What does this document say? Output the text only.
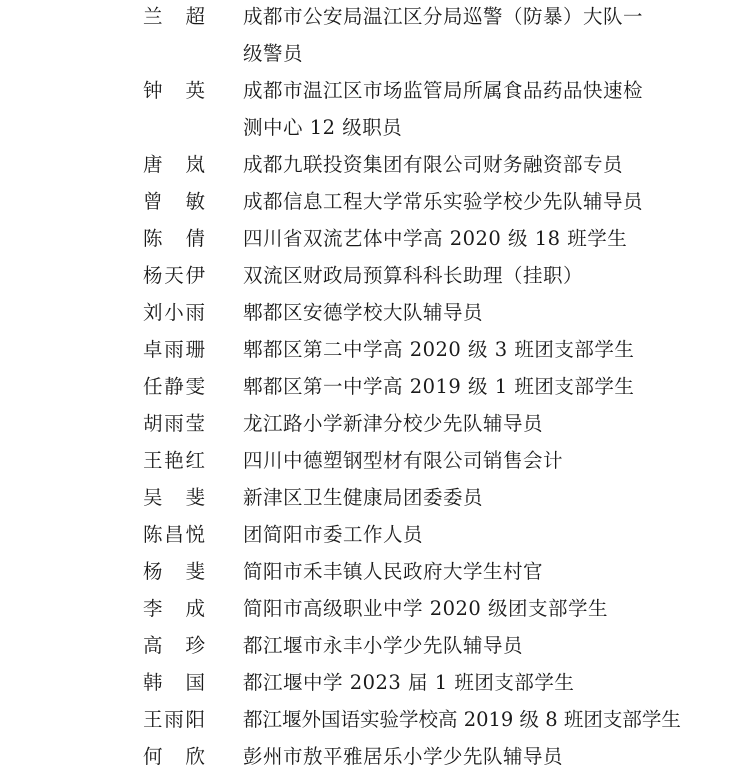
兰　超 成都市公安局温江区分局巡警（防暴）大队一
级警员
钟　英 成都市温江区市场监管局所属食品药品快速检
测中心 12 级职员
唐　岚 成都九联投资集团有限公司财务融资部专员
曾　敏 成都信息工程大学常乐实验学校少先队辅导员
陈　倩 四川省双流艺体中学高 2020 级 18 班学生
杨天伊 双流区财政局预算科科长助理（挂职）
刘小雨 郫都区安德学校大队辅导员
卓雨珊 郫都区第二中学高 2020 级 3 班团支部学生
任静雯 郫都区第一中学高 2019 级 1 班团支部学生
胡雨莹 龙江路小学新津分校少先队辅导员
王艳红 四川中德塑钢型材有限公司销售会计
吴　斐 新津区卫生健康局团委委员
陈昌悦 团简阳市委工作人员
杨　斐 简阳市禾丰镇人民政府大学生村官
李　成 简阳市高级职业中学 2020 级团支部学生
高　珍 都江堰市永丰小学少先队辅导员
韩　国 都江堰中学 2023 届 1 班团支部学生
王雨阳 都江堰外国语实验学校高 2019 级 8 班团支部学生
何　欣 彭州市敖平雅居乐小学少先队辅导员
